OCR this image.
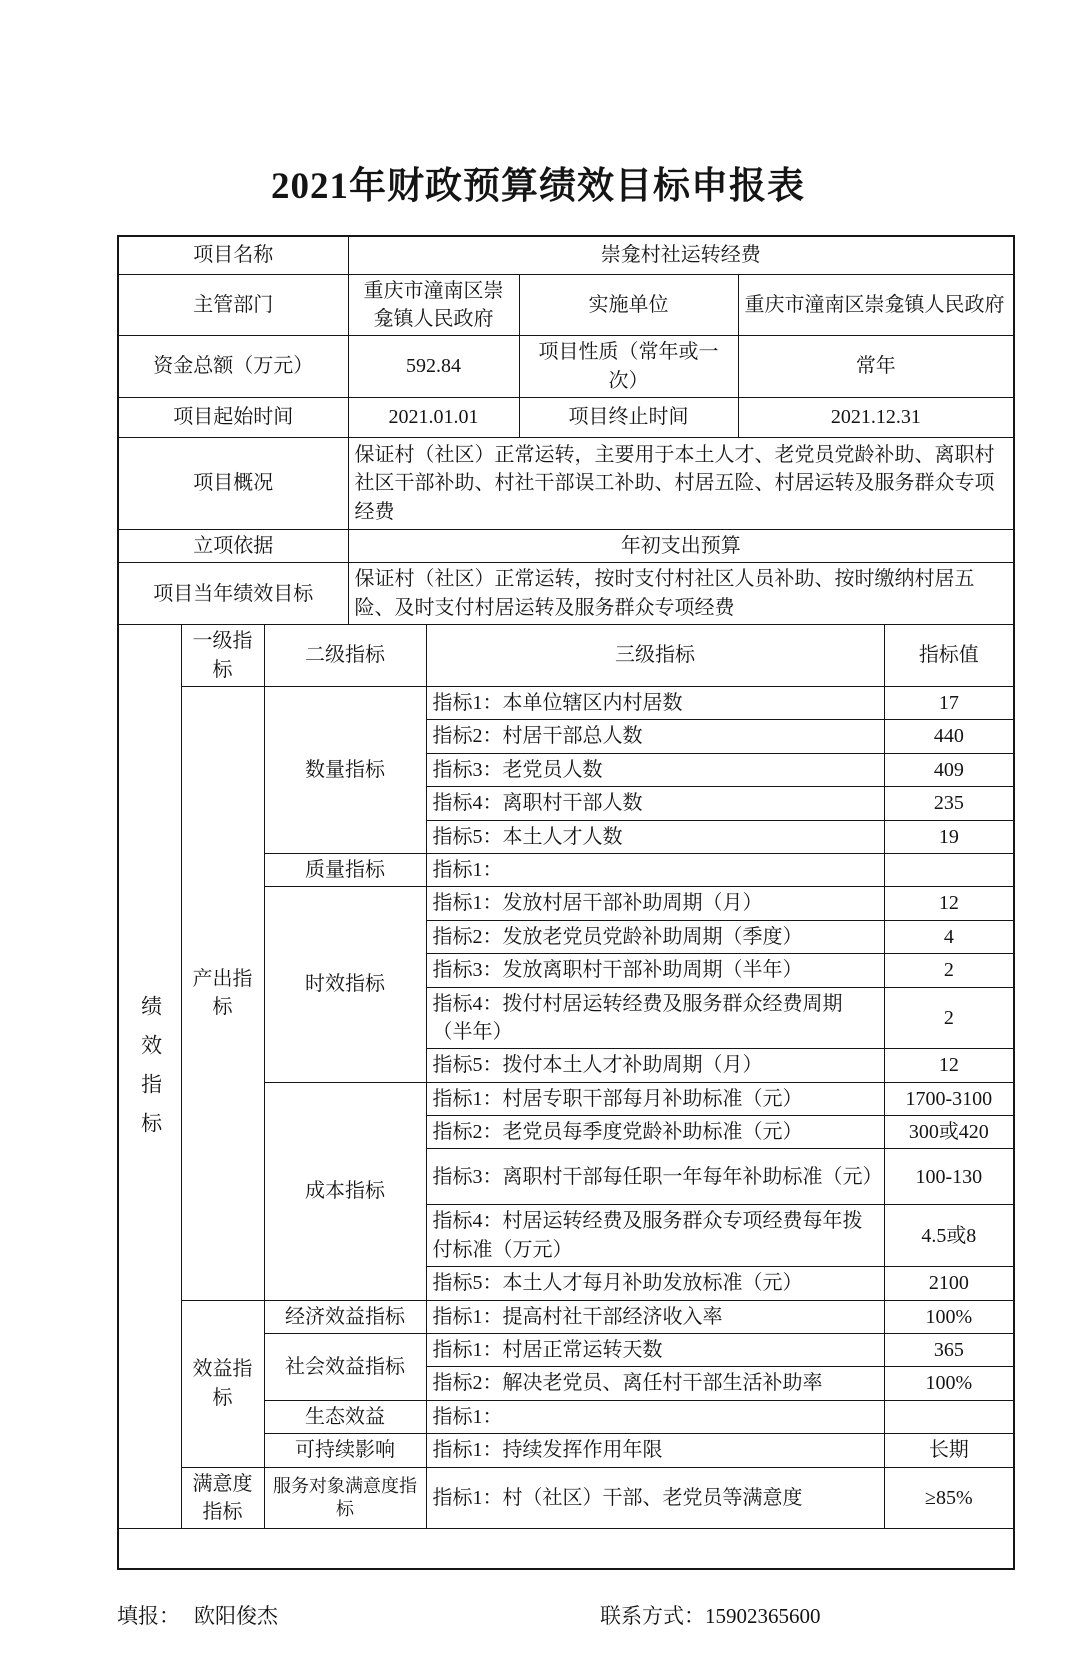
2021年财政预算绩效目标申报表
项目名称			崇龛村社运转经费				
主管部门			重庆市潼南区崇龛镇人民政府		实施单位	重庆市潼南区崇龛镇人民政府	
资金总额（万元）			592.84		项目性质（常年或一次）	常年	
项目起始时间			2021.01.01		项目终止时间	2021.12.31	
项目概况			保证村（社区）正常运转，主要用于本土人才、老党员党龄补助、离职村社区干部补助、村社干部误工补助、村居五险、村居运转及服务群众专项经费				
立项依据			年初支出预算				
项目当年绩效目标			保证村（社区）正常运转，按时支付村社区人员补助、按时缴纳村居五险、及时支付村居运转及服务群众专项经费				
绩效指标	一级指标	二级指标		三级指标			指标值
	产出指标	数量指标		指标1：本单位辖区内村居数			17
				指标2：村居干部总人数			440
				指标3：老党员人数			409
				指标4：离职村干部人数			235
				指标5：本土人才人数			19
		质量指标		指标1：			
		时效指标		指标1：发放村居干部补助周期（月）			12
				指标2：发放老党员党龄补助周期（季度）			4
				指标3：发放离职村干部补助周期（半年）			2
				指标4：拨付村居运转经费及服务群众经费周期（半年）			2
				指标5：拨付本土人才补助周期（月）			12
		成本指标		指标1：村居专职干部每月补助标准（元）			1700-3100
				指标2：老党员每季度党龄补助标准（元）			300或420
				指标3：离职村干部每任职一年每年补助标准（元）			100-130
				指标4：村居运转经费及服务群众专项经费每年拨付标准（万元）			4.5或8
				指标5：本土人才每月补助发放标准（元）			2100
	效益指标	经济效益指标		指标1：提高村社干部经济收入率			100%
		社会效益指标		指标1：村居正常运转天数			365
				指标2：解决老党员、离任村干部生活补助率			100%
		生态效益		指标1：			
		可持续影响		指标1：持续发挥作用年限			长期
	满意度指标	服务对象满意度指标		指标1：村（社区）干部、老党员等满意度			≥85%

填报： 欧阳俊杰	联系方式：15902365600
